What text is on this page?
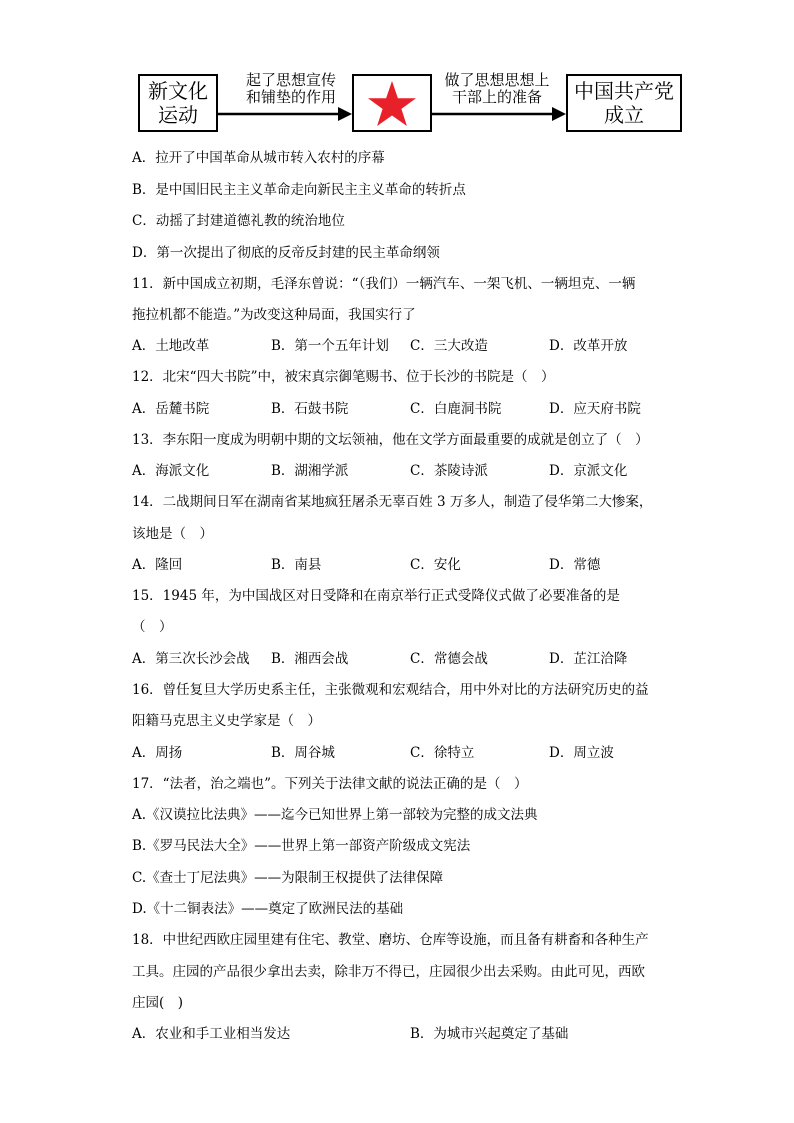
新文化
运动
起了思想宣传
和铺垫的作用
做了思想思想上
干部上的准备	中国共产党
成立
A．拉开了中国革命从城市转入农村的序幕
B．是中国旧民主主义革命走向新民主主义革命的转折点
C．动摇了封建道德礼教的统治地位
D．第一次提出了彻底的反帝反封建的民主革命纲领
11．新中国成立初期，毛泽东曾说：“（我们）一辆汽车、一架飞机、一辆坦克、一辆
拖拉机都不能造。”为改变这种局面，我国实行了
A．土地改革	B．第一个五年计划 C．三大改造	D．改革开放
12．北宋“四大书院”中，被宋真宗御笔赐书、位于长沙的书院是（　）
A．岳麓书院	B．石鼓书院	C．白鹿洞书院	D．应天府书院
13．李东阳一度成为明朝中期的文坛领袖，他在文学方面最重要的成就是创立了（　）
A．海派文化	B．湖湘学派	C．茶陵诗派	D．京派文化
14．二战期间日军在湖南省某地疯狂屠杀无辜百姓 3 万多人，制造了侵华第二大惨案，
该地是（　）
A．隆回	B．南县	C．安化	D．常德
15．1945 年，为中国战区对日受降和在南京举行正式受降仪式做了必要准备的是
（　）
A．第三次长沙会战 B．湘西会战	C．常德会战	D．芷江洽降
16．曾任复旦大学历史系主任，主张微观和宏观结合，用中外对比的方法研究历史的益
阳籍马克思主义史学家是（　）
A．周扬	B．周谷城	C．徐特立	D．周立波
17．“法者，治之端也”。下列关于法律文献的说法正确的是（　）
A.《汉谟拉比法典》——迄今已知世界上第一部较为完整的成文法典
B.《罗马民法大全》——世界上第一部资产阶级成文宪法
C.《查士丁尼法典》——为限制王权提供了法律保障
D.《十二铜表法》——奠定了欧洲民法的基础
18．中世纪西欧庄园里建有住宅、教堂、磨坊、仓库等设施，而且备有耕畜和各种生产
工具。庄园的产品很少拿出去卖，除非万不得已，庄园很少出去采购。由此可见，西欧
庄园(　)
A．农业和手工业相当发达	B．为城市兴起奠定了基础
